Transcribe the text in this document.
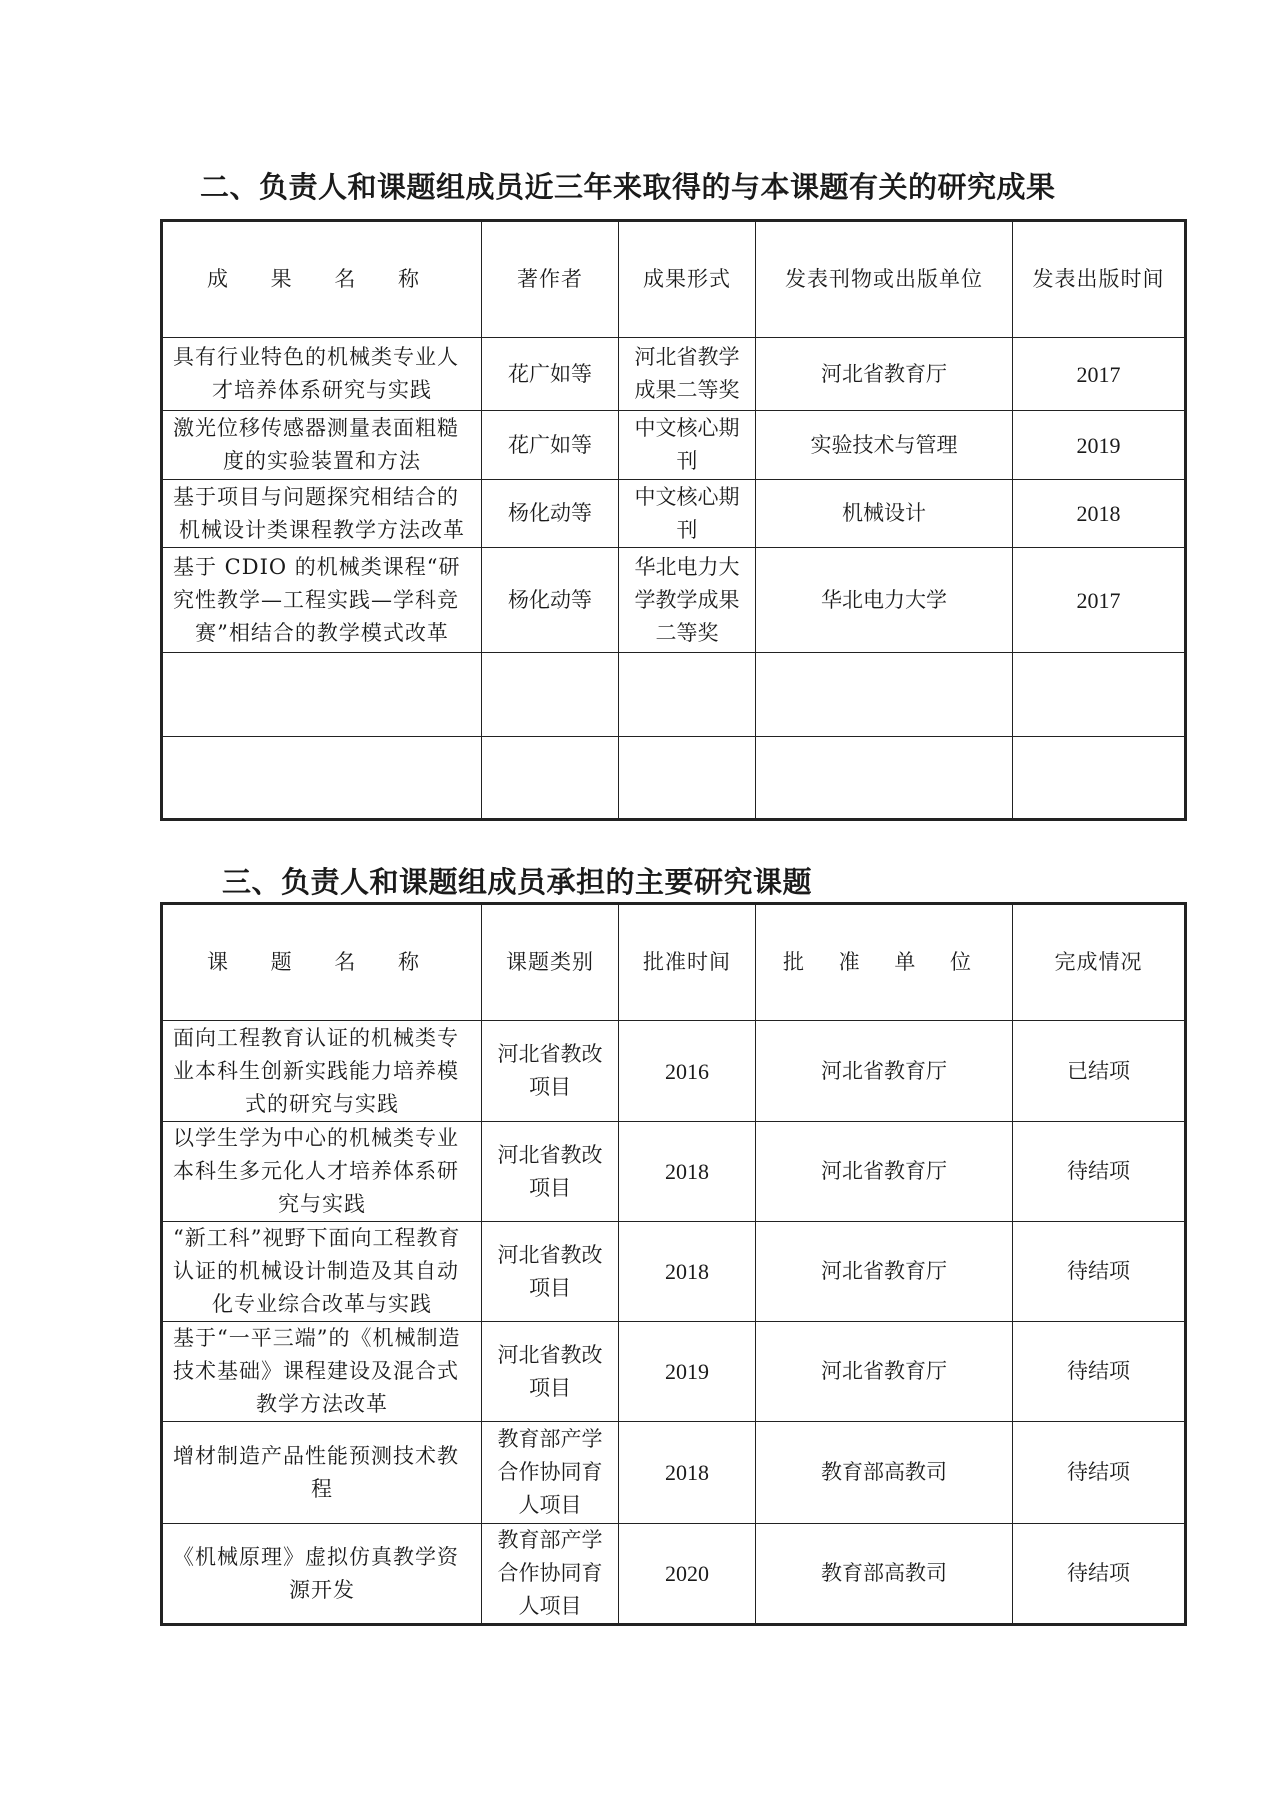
二、负责人和课题组成员近三年来取得的与本课题有关的研究成果
成 果 名 称	著作者	成果形式	发表刊物或出版单位	发表出版时间
具有行业特色的机械类专业人才培养体系研究与实践	花广如等	河北省教学成果二等奖	河北省教育厅	2017
激光位移传感器测量表面粗糙度的实验装置和方法	花广如等	中文核心期刊	实验技术与管理	2019
基于项目与问题探究相结合的机械设计类课程教学方法改革	杨化动等	中文核心期刊	机械设计	2018
基于 CDIO 的机械类课程“研究性教学—工程实践—学科竞赛”相结合的教学模式改革	杨化动等	华北电力大学教学成果二等奖	华北电力大学	2017

三、负责人和课题组成员承担的主要研究课题
课 题 名 称	课题类别	批准时间	批 准 单 位	完成情况
面向工程教育认证的机械类专业本科生创新实践能力培养模式的研究与实践	河北省教改项目	2016	河北省教育厅	已结项
以学生学为中心的机械类专业本科生多元化人才培养体系研究与实践	河北省教改项目	2018	河北省教育厅	待结项
“新工科”视野下面向工程教育认证的机械设计制造及其自动化专业综合改革与实践	河北省教改项目	2018	河北省教育厅	待结项
基于“一平三端”的《机械制造技术基础》课程建设及混合式教学方法改革	河北省教改项目	2019	河北省教育厅	待结项
增材制造产品性能预测技术教程	教育部产学合作协同育人项目	2018	教育部高教司	待结项
《机械原理》虚拟仿真教学资源开发	教育部产学合作协同育人项目	2020	教育部高教司	待结项
